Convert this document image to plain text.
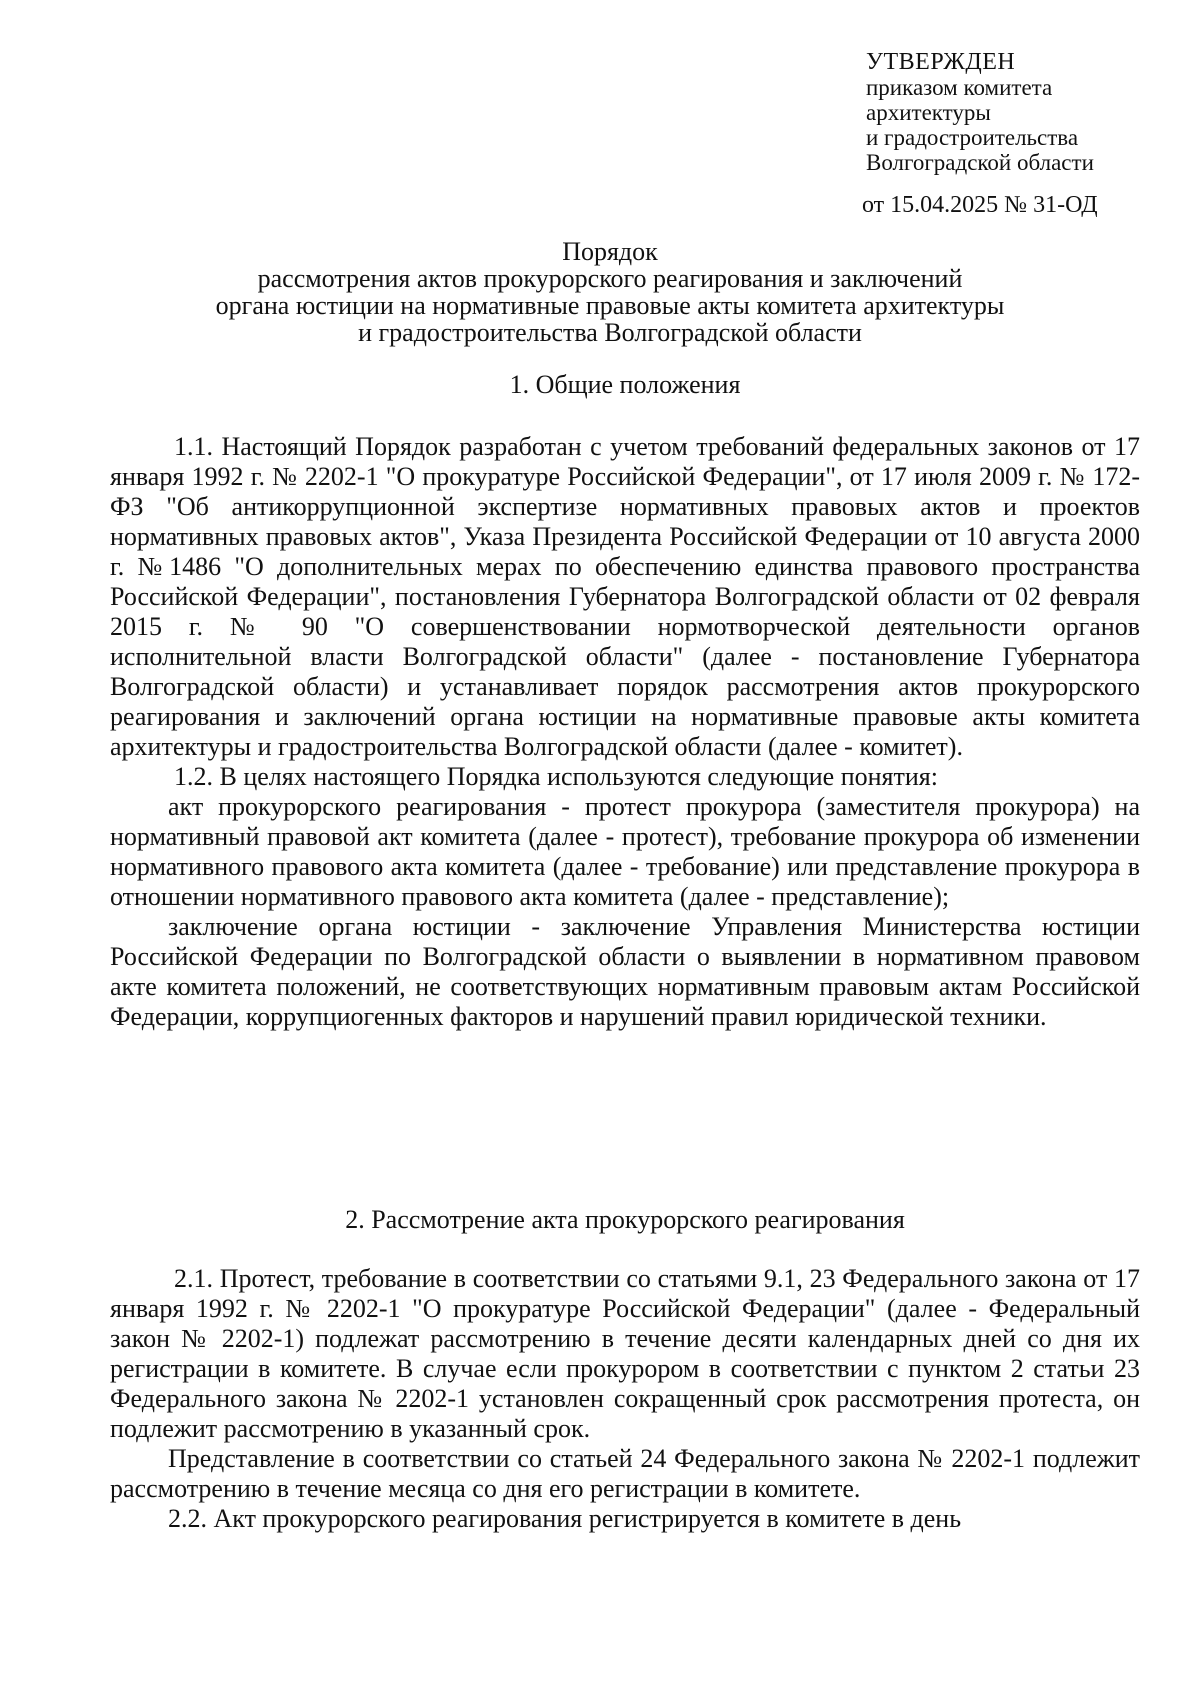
УТВЕРЖДЕН
приказом комитета
архитектуры
и градостроительства
Волгоградской области
от 15.04.2025 № 31-ОД
Порядок
рассмотрения актов прокурорского реагирования и заключений
органа юстиции на нормативные правовые акты комитета архитектуры
и градостроительства Волгоградской области
1. Общие положения

1.1. Настоящий Порядок разработан с учетом требований федеральных законов от 17 января 1992 г. № 2202-1 "О прокуратуре Российской Федерации", от 17 июля 2009 г. № 172-ФЗ "Об антикоррупционной экспертизе нормативных правовых актов и проектов нормативных правовых актов", Указа Президента Российской Федерации от 10 августа 2000 г. №1486 "О дополнительных мерах по обеспечению единства правового пространства Российской Федерации", постановления Губернатора Волгоградской области от 02 февраля 2015 г. № 90 "О совершенствовании нормотворческой деятельности органов исполнительной власти Волгоградской области" (далее - постановление Губернатора Волгоградской области) и устанавливает порядок рассмотрения актов прокурорского реагирования и заключений органа юстиции на нормативные правовые акты комитета архитектуры и градостроительства Волгоградской области (далее - комитет).

1.2. В целях настоящего Порядка используются следующие понятия:

акт прокурорского реагирования - протест прокурора (заместителя прокурора) на нормативный правовой акт комитета (далее - протест), требование прокурора об изменении нормативного правового акта комитета (далее - требование) или представление прокурора в отношении нормативного правового акта комитета (далее - представление);

заключение органа юстиции - заключение Управления Министерства юстиции Российской Федерации по Волгоградской области о выявлении в нормативном правовом акте комитета положений, не соответствующих нормативным правовым актам Российской Федерации, коррупциогенных факторов и нарушений правил юридической техники.

2. Рассмотрение акта прокурорского реагирования

2.1. Протест, требование в соответствии со статьями 9.1, 23 Федерального закона от 17 января 1992 г. № 2202-1 "О прокуратуре Российской Федерации" (далее - Федеральный закон № 2202-1) подлежат рассмотрению в течение десяти календарных дней со дня их регистрации в комитете. В случае если прокурором в соответствии с пунктом 2 статьи 23 Федерального закона № 2202-1 установлен сокращенный срок рассмотрения протеста, он подлежит рассмотрению в указанный срок.

Представление в соответствии со статьей 24 Федерального закона № 2202-1 подлежит рассмотрению в течение месяца со дня его регистрации в комитете.

2.2. Акт прокурорского реагирования регистрируется в комитете в день
